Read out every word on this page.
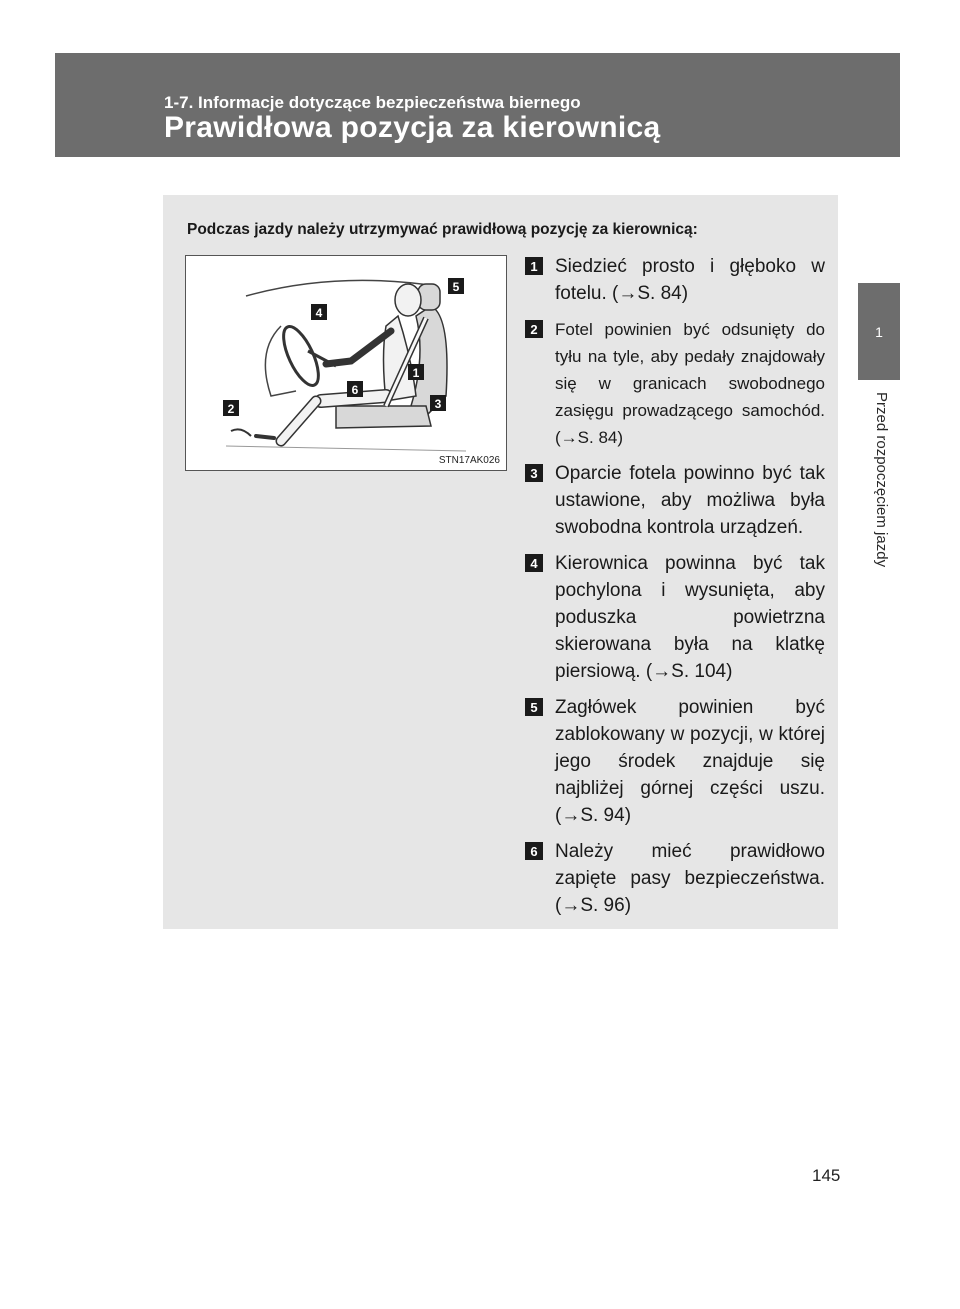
1-7. Informacje dotyczące bezpieczeństwa biernego
Prawidłowa pozycja za kierownicą
1
Przed rozpoczęciem jazdy
Podczas jazdy należy utrzymywać prawidłową pozycję za kierownicą:
1
2	3
4
5
6
STN17AK026
1 Siedzieć prosto i głęboko w fotelu. (→S. 84)
2	Fotel powinien być odsunięty do tyłu na tyle, aby pedały znajdowały się w granicach swobodnego zasięgu prowadzącego samochód. (→S. 84)
3 Oparcie fotela powinno być tak ustawione, aby możliwa była swobodna kontrola urządzeń.
4 Kierownica powinna być tak pochylona i wysunięta, aby poduszka powietrzna skierowana była na klatkę piersiową. (→S. 104)
5 Zagłówek powinien być zablokowany w pozycji, w której jego środek znajduje się najbliżej górnej części uszu. (→S. 94)
6 Należy mieć prawidłowo zapięte pasy bezpieczeństwa. (→S. 96)
145
